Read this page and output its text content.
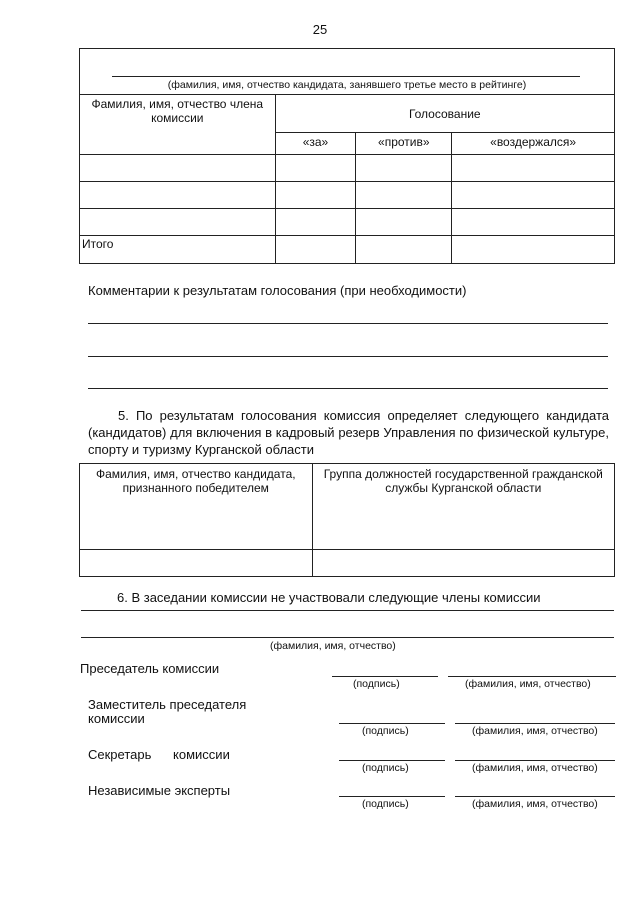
25
(фамилия, имя, отчество кандидата, занявшего третье место в рейтинге)			

Фамилия, имя, отчество члена комиссии	Голосование		
	«за»	«против»	«воздержался»

Итого			
Комментарии к результатам голосования (при необходимости)
5. По результатам голосования комиссия определяет следующего кандидата (кандидатов) для включения в кадровый резерв Управления по физической культуре, спорту и туризму Курганской области
Фамилия, имя, отчество кандидата, признанного победителем	Группа должностей государственной гражданской службы Курганской области

6. В заседании комиссии не участвовали следующие члены комиссии
(фамилия, имя, отчество)
Преседатель комиссии
(подпись)	(фамилия, имя, отчество)
Заместитель преседателя комиссии
(подпись)	(фамилия, имя, отчество)
Секретарь      комиссии
(подпись)	(фамилия, имя, отчество)
Независимые эксперты
(подпись)	(фамилия, имя, отчество)
